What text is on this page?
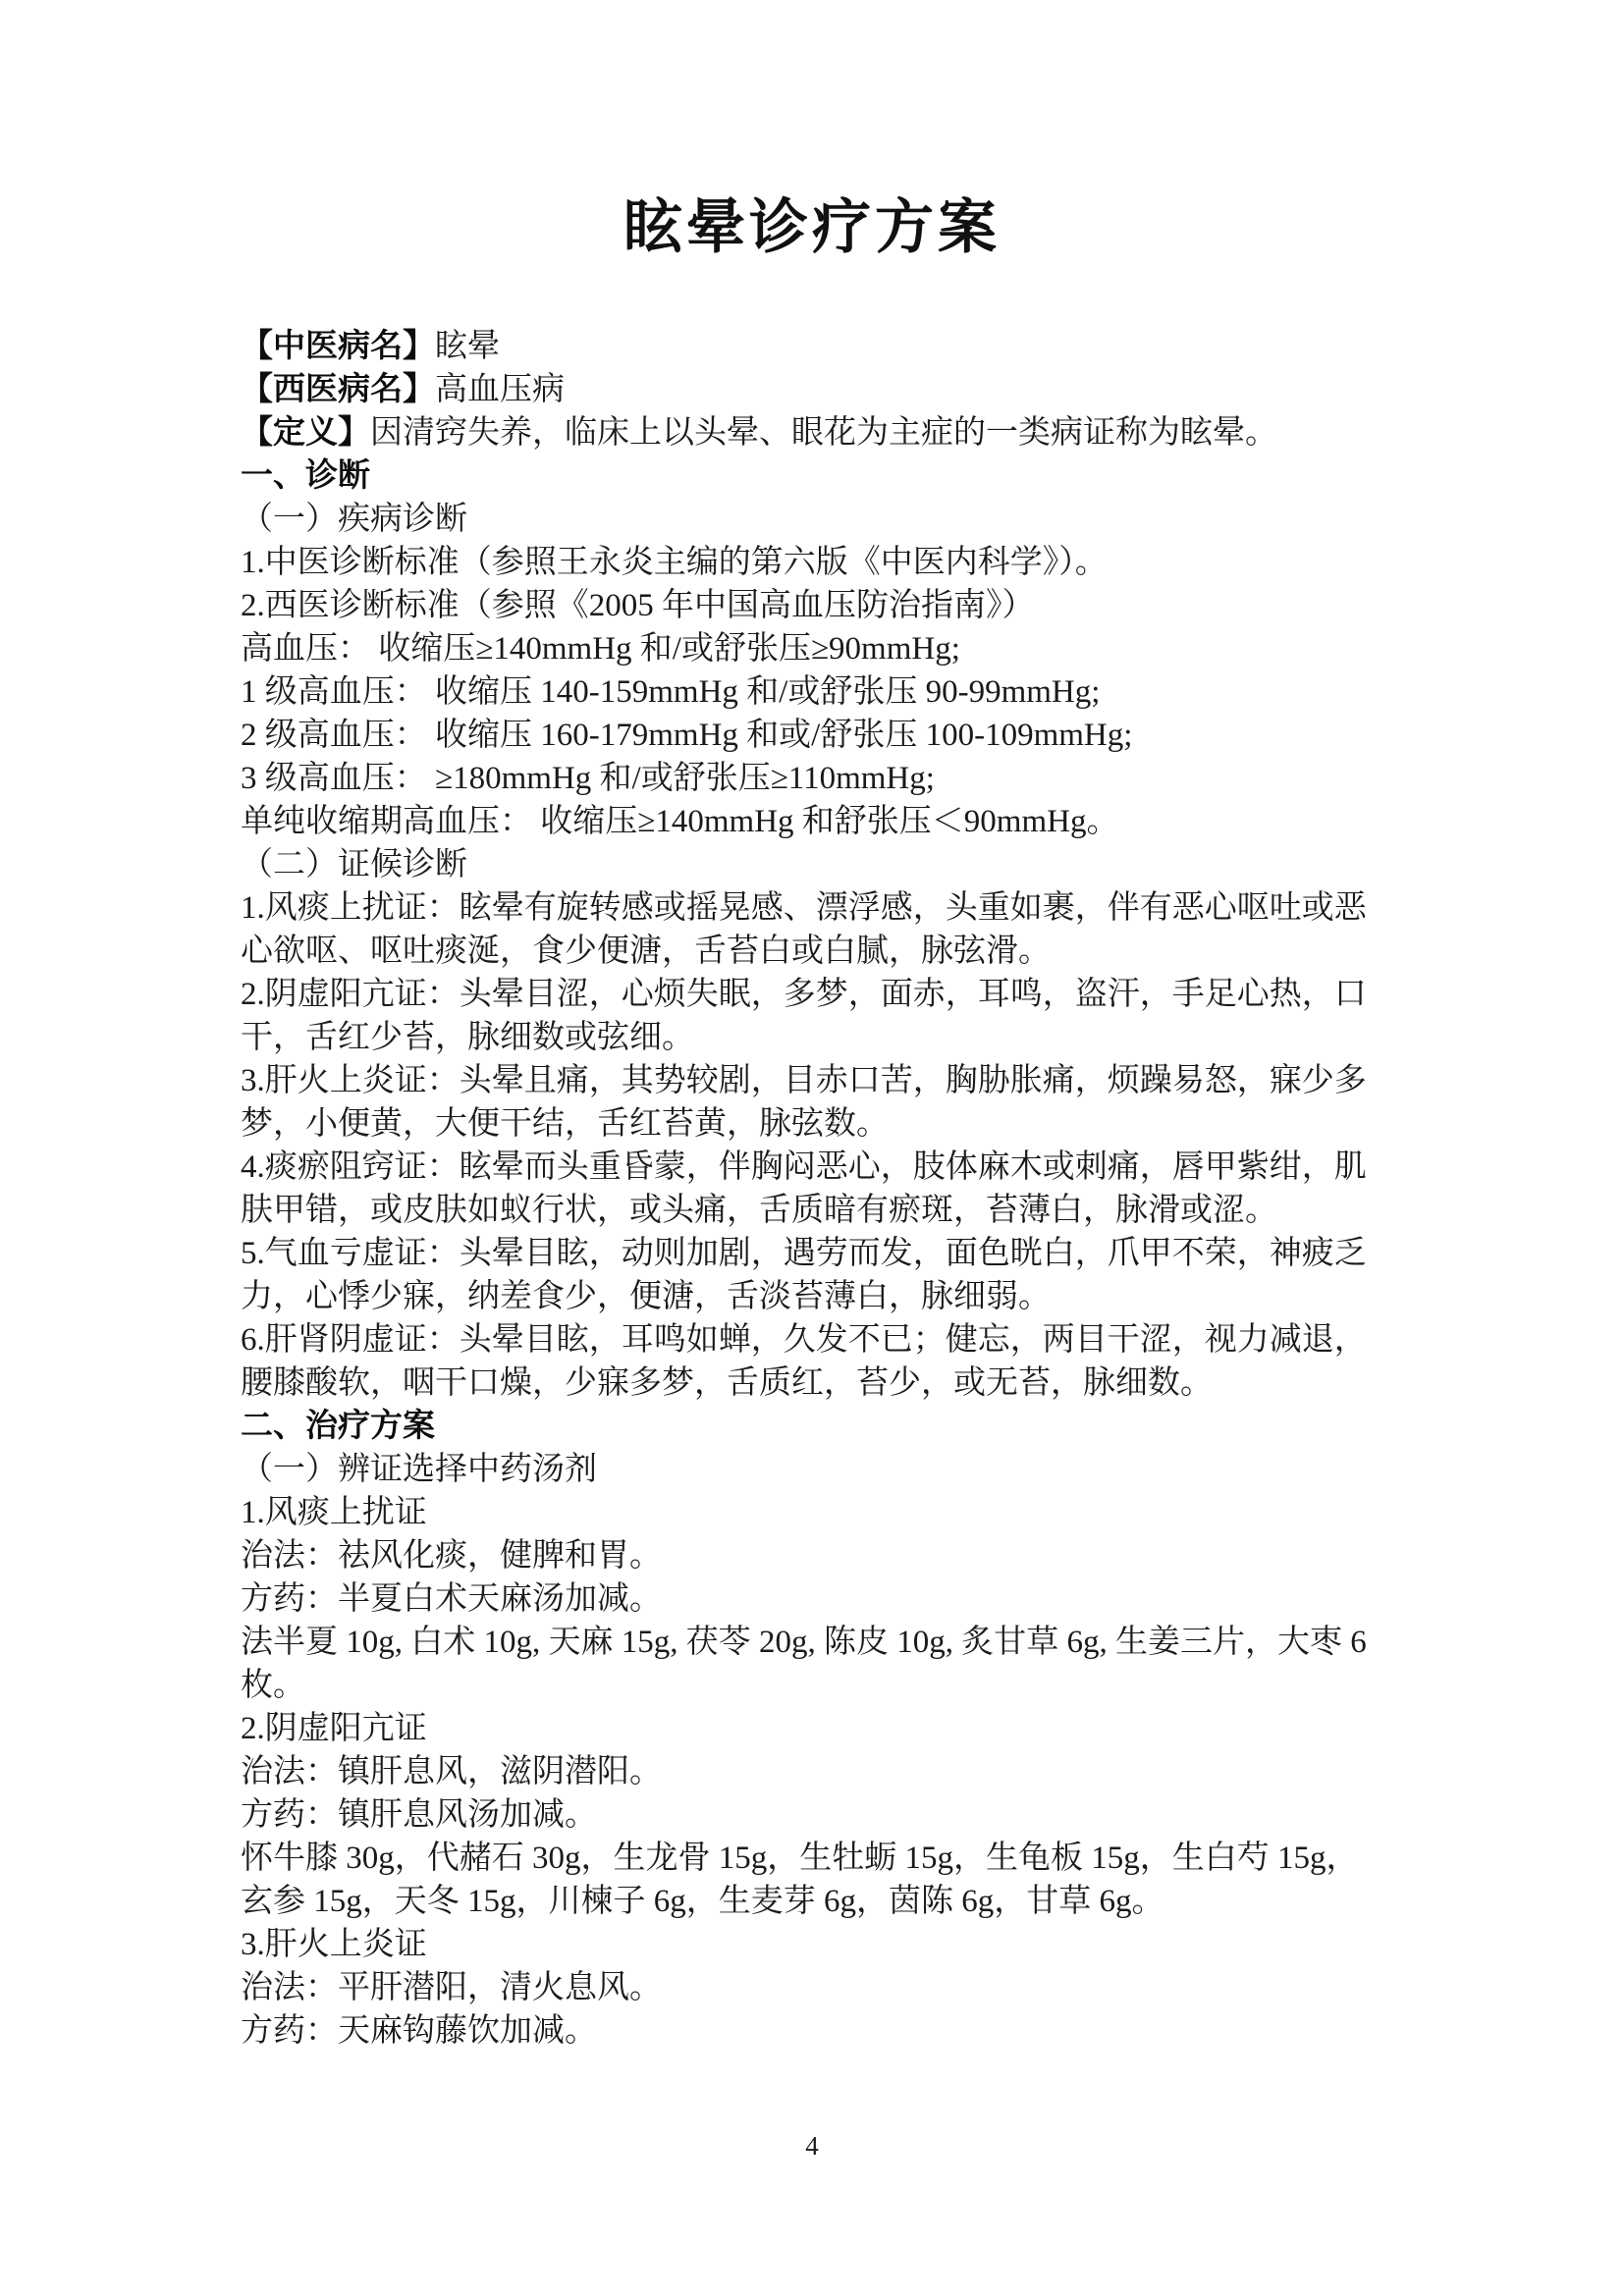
眩晕诊疗方案
【中医病名】眩晕
【西医病名】高血压病
【定义】因清窍失养，临床上以头晕、眼花为主症的一类病证称为眩晕。
一、诊断
（一）疾病诊断
1.中医诊断标准（参照王永炎主编的第六版《中医内科学》）。
2.西医诊断标准（参照《2005 年中国高血压防治指南》）
高血压： 收缩压≥140mmHg 和/或舒张压≥90mmHg;
1 级高血压： 收缩压 140-159mmHg 和/或舒张压 90-99mmHg;
2 级高血压： 收缩压 160-179mmHg 和或/舒张压 100-109mmHg;
3 级高血压： ≥180mmHg 和/或舒张压≥110mmHg;
单纯收缩期高血压： 收缩压≥140mmHg 和舒张压＜90mmHg。
（二）证候诊断
1.风痰上扰证：眩晕有旋转感或摇晃感、漂浮感，头重如裹，伴有恶心呕吐或恶
心欲呕、呕吐痰涎，食少便溏，舌苔白或白腻，脉弦滑。
2.阴虚阳亢证：头晕目涩，心烦失眠，多梦，面赤，耳鸣，盗汗，手足心热，口
干，舌红少苔，脉细数或弦细。
3.肝火上炎证：头晕且痛，其势较剧，目赤口苦，胸胁胀痛，烦躁易怒，寐少多
梦，小便黄，大便干结，舌红苔黄，脉弦数。
4.痰瘀阻窍证：眩晕而头重昏蒙，伴胸闷恶心，肢体麻木或刺痛，唇甲紫绀，肌
肤甲错，或皮肤如蚁行状，或头痛，舌质暗有瘀斑，苔薄白，脉滑或涩。
5.气血亏虚证：头晕目眩，动则加剧，遇劳而发，面色晄白，爪甲不荣，神疲乏
力，心悸少寐，纳差食少，便溏，舌淡苔薄白，脉细弱。
6.肝肾阴虚证：头晕目眩，耳鸣如蝉，久发不已；健忘，两目干涩，视力减退，
腰膝酸软，咽干口燥，少寐多梦，舌质红，苔少，或无苔，脉细数。
二、治疗方案
（一）辨证选择中药汤剂
1.风痰上扰证
治法：祛风化痰，健脾和胃。
方药：半夏白术天麻汤加减。
法半夏 10g, 白术 10g, 天麻 15g, 茯苓 20g, 陈皮 10g, 炙甘草 6g, 生姜三片，大枣 6
枚。
2.阴虚阳亢证
治法：镇肝息风，滋阴潜阳。
方药：镇肝息风汤加减。
怀牛膝 30g，代赭石 30g，生龙骨 15g，生牡蛎 15g，生龟板 15g，生白芍 15g，
玄参 15g，天冬 15g，川楝子 6g，生麦芽 6g，茵陈 6g，甘草 6g。
3.肝火上炎证
治法：平肝潜阳，清火息风。
方药：天麻钩藤饮加减。
4
